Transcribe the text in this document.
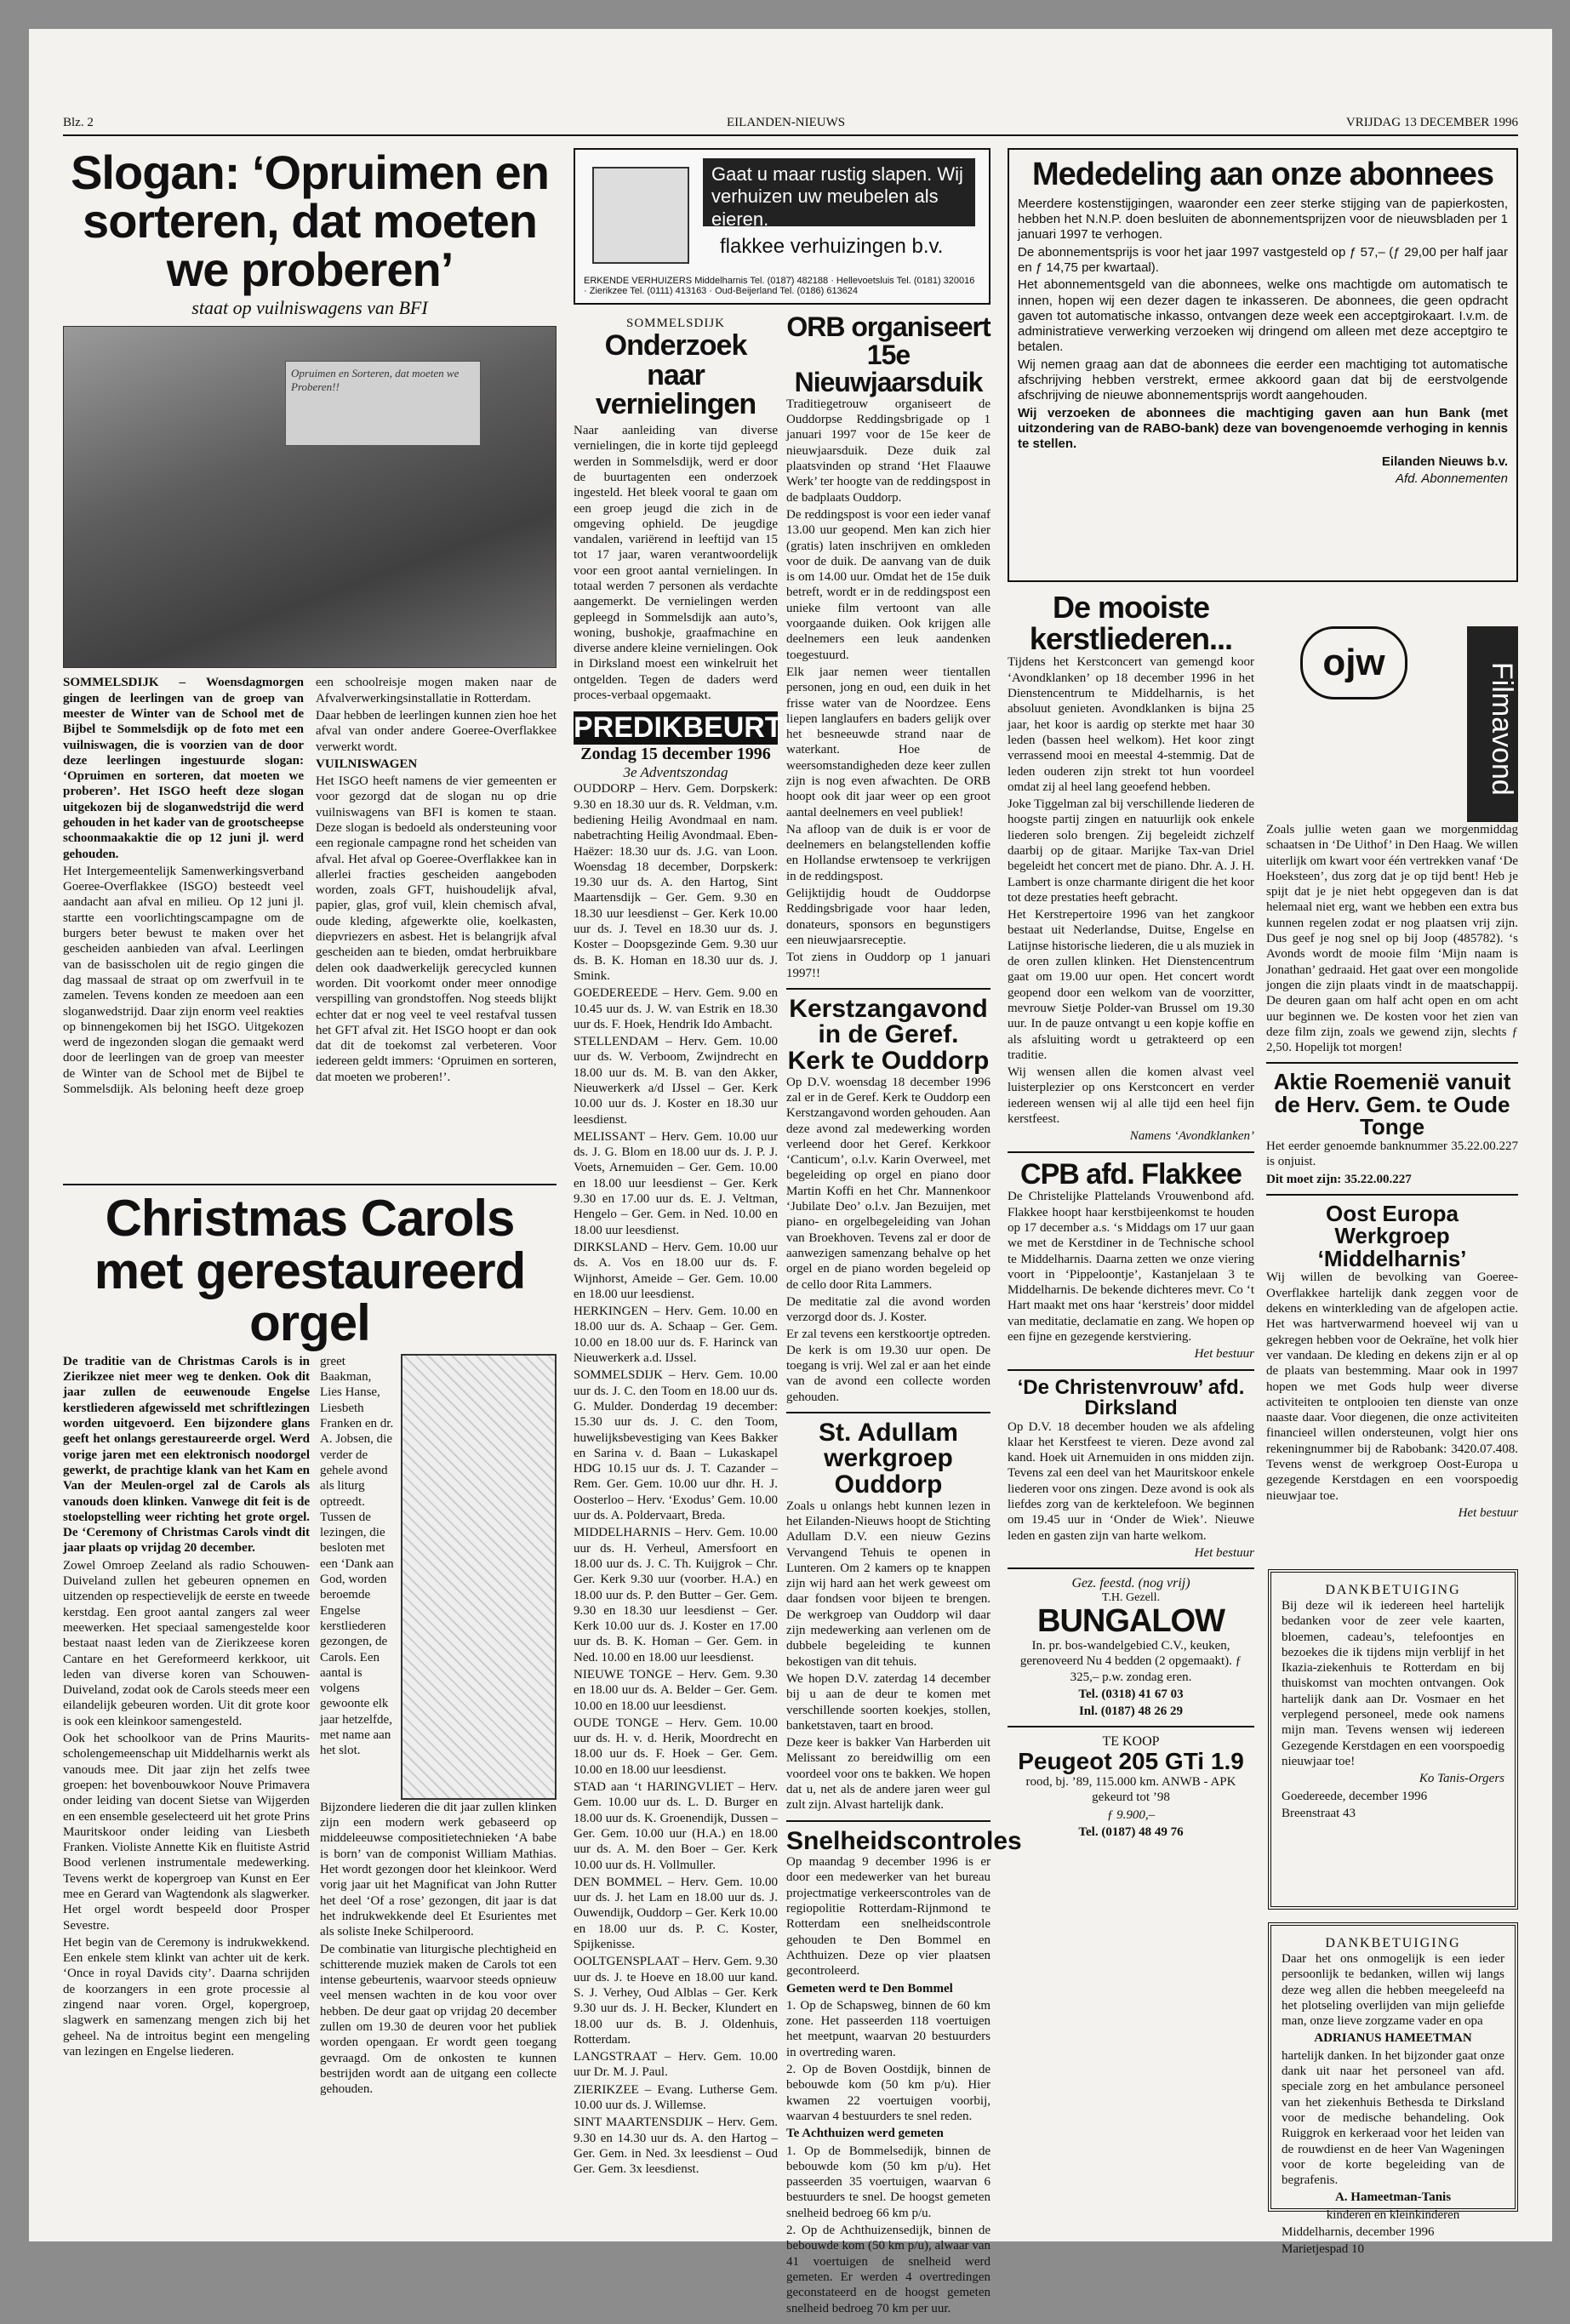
Blz. 2	EILANDEN-NIEUWS	VRIJDAG 13 DECEMBER 1996
Slogan: ‘Opruimen en sorteren, dat moeten we proberen’
staat op vuilniswagens van BFI
Opruimen en Sorteren, dat moeten we Proberen!!

SOMMELSDIJK – Woensdagmorgen gingen de leerlingen van de groep van meester de Winter van de School met de Bijbel te Sommelsdijk op de foto met een vuilniswagen, die is voorzien van de door deze leerlingen ingestuurde slogan: ‘Opruimen en sorteren, dat moeten we proberen’. Het ISGO heeft deze slogan uitgekozen bij de sloganwedstrijd die werd gehouden in het kader van de grootscheepse schoonmaakaktie die op 12 juni jl. werd gehouden.

Het Intergemeentelijk Samenwerkingsverband Goeree-Overflakkee (ISGO) besteedt veel aandacht aan afval en milieu. Op 12 juni jl. startte een voorlichtingscampagne om de burgers beter bewust te maken over het gescheiden aanbieden van afval. Leerlingen van de basisscholen uit de regio gingen die dag massaal de straat op om zwerfvuil in te zamelen. Tevens konden ze meedoen aan een sloganwedstrijd. Daar zijn enorm veel reakties op binnengekomen bij het ISGO. Uitgekozen werd de ingezonden slogan die gemaakt werd door de leerlingen van de groep van meester de Winter van de School met de Bijbel te Sommelsdijk. Als beloning heeft deze groep een schoolreisje mogen maken naar de Afvalverwerkingsinstallatie in Rotterdam.

Daar hebben de leerlingen kunnen zien hoe het afval van onder andere Goeree-Overflakkee verwerkt wordt.

VUILNISWAGEN

Het ISGO heeft namens de vier gemeenten er voor gezorgd dat de slogan nu op drie vuilniswagens van BFI is komen te staan. Deze slogan is bedoeld als ondersteuning voor een regionale campagne rond het scheiden van afval. Het afval op Goeree-Overflakkee kan in allerlei fracties gescheiden aangeboden worden, zoals GFT, huishoudelijk afval, papier, glas, grof vuil, klein chemisch afval, oude kleding, afgewerkte olie, koelkasten, diepvriezers en asbest. Het is belangrijk afval gescheiden aan te bieden, omdat herbruikbare delen ook daadwerkelijk gerecycled kunnen worden. Dit voorkomt onder meer onnodige verspilling van grondstoffen. Nog steeds blijkt echter dat er nog veel te veel restafval tussen het GFT afval zit. Het ISGO hoopt er dan ook dat dit de toekomst zal verbeteren. Voor iedereen geldt immers: ‘Opruimen en sorteren, dat moeten we proberen!’.

Christmas Carols met gerestaureerd orgel

De traditie van de Christmas Carols is in Zierikzee niet meer weg te denken. Ook dit jaar zullen de eeuwenoude Engelse kerstliederen afgewisseld met schriftlezingen worden uitgevoerd. Een bijzondere glans geeft het onlangs gerestaureerde orgel. Werd vorige jaren met een elektronisch noodorgel gewerkt, de prachtige klank van het Kam en Van der Meulen-orgel zal de Carols als vanouds doen klinken. Vanwege dit feit is de stoelopstelling weer richting het grote orgel. De ‘Ceremony of Christmas Carols vindt dit jaar plaats op vrijdag 20 december.

Zowel Omroep Zeeland als radio Schouwen-Duiveland zullen het gebeuren opnemen en uitzenden op respectievelijk de eerste en tweede kerstdag. Een groot aantal zangers zal weer meewerken. Het speciaal samengestelde koor bestaat naast leden van de Zierikzeese koren Cantare en het Gereformeerd kerkkoor, uit leden van diverse koren van Schouwen-Duiveland, zodat ook de Carols steeds meer een eilandelijk gebeuren worden. Uit dit grote koor is ook een kleinkoor samengesteld.

Ook het schoolkoor van de Prins Maurits-scholengemeenschap uit Middelharnis werkt als vanouds mee. Dit jaar zijn het zelfs twee groepen: het bovenbouwkoor Nouve Primavera onder leiding van docent Sietse van Wijgerden en een ensemble geselecteerd uit het grote Prins Mauritskoor onder leiding van Liesbeth Franken. Violiste Annette Kik en fluitiste Astrid Bood verlenen instrumentale medewerking. Tevens werkt de kopergroep van Kunst en Eer mee en Gerard van Wagtendonk als slagwerker. Het orgel wordt bespeeld door Prosper Sevestre.

Het begin van de Ceremony is indrukwekkend. Een enkele stem klinkt van achter uit de kerk. ‘Once in royal Davids city’. Daarna schrijden de koorzangers in een grote processie al zingend naar voren. Orgel, kopergroep, slagwerk en samenzang mengen zich bij het geheel. Na de introitus begint een mengeling van lezingen en Engelse liederen.

greet Baakman, Lies Hanse, Liesbeth Franken en dr. A. Jobsen, die verder de gehele avond als liturg optreedt. Tussen de lezingen, die besloten met een ‘Dank aan God, worden beroemde Engelse kerstliederen gezongen, de Carols. Een aantal is volgens gewoonte elk jaar hetzelfde, met name aan het slot.

Bijzondere liederen die dit jaar zullen klinken zijn een modern werk gebaseerd op middeleeuwse compositietechnieken ‘A babe is born’ van de componist William Mathias. Het wordt gezongen door het kleinkoor. Werd vorig jaar uit het Magnificat van John Rutter het deel ‘Of a rose’ gezongen, dit jaar is dat het indrukwekkende deel Et Esurientes met als soliste Ineke Schilperoord.

De combinatie van liturgische plechtigheid en schitterende muziek maken de Carols tot een intense gebeurtenis, waarvoor steeds opnieuw veel mensen wachten in de kou voor over hebben. De deur gaat op vrijdag 20 december zullen om 19.30 de deuren voor het publiek worden opengaan. Er wordt geen toegang gevraagd. Om de onkosten te kunnen bestrijden wordt aan de uitgang een collecte gehouden.

Gaat u maar rustig slapen. Wij verhuizen uw meubelen als eieren.
flakkee verhuizingen b.v.
ERKENDE VERHUIZERS Middelharnis Tel. (0187) 482188 · Hellevoetsluis Tel. (0181) 320016 · Zierikzee Tel. (0111) 413163 · Oud-Beijerland Tel. (0186) 613624
SOMMELSDIJK
Onderzoek naar vernielingen

Naar aanleiding van diverse vernielingen, die in korte tijd gepleegd werden in Sommelsdijk, werd er door de buurtagenten een onderzoek ingesteld. Het bleek vooral te gaan om een groep jeugd die zich in de omgeving ophield. De jeugdige vandalen, variërend in leeftijd van 15 tot 17 jaar, waren verantwoordelijk voor een groot aantal vernielingen. In totaal werden 7 personen als verdachte aangemerkt. De vernielingen werden gepleegd in Sommelsdijk aan auto’s, woning, bushokje, graafmachine en diverse andere kleine vernielingen. Ook in Dirksland moest een winkelruit het ontgelden. Tegen de daders werd proces-verbaal opgemaakt.

PREDIKBEURTEN
Zondag 15 december 1996
3e Adventszondag

OUDDORP – Herv. Gem. Dorpskerk: 9.30 en 18.30 uur ds. R. Veldman, v.m. bediening Heilig Avondmaal en nam. nabetrachting Heilig Avondmaal. Eben-Haëzer: 18.30 uur ds. J.G. van Loon. Woensdag 18 december, Dorpskerk: 19.30 uur ds. A. den Hartog, Sint Maartensdijk – Ger. Gem. 9.30 en 18.30 uur leesdienst – Ger. Kerk 10.00 uur ds. J. Tevel en 18.30 uur ds. J. Koster – Doopsgezinde Gem. 9.30 uur ds. B. K. Homan en 18.30 uur ds. J. Smink.

GOEDEREEDE – Herv. Gem. 9.00 en 10.45 uur ds. J. W. van Estrik en 18.30 uur ds. F. Hoek, Hendrik Ido Ambacht.

STELLENDAM – Herv. Gem. 10.00 uur ds. W. Verboom, Zwijndrecht en 18.00 uur ds. M. B. van den Akker, Nieuwerkerk a/d IJssel – Ger. Kerk 10.00 uur ds. J. Koster en 18.30 uur leesdienst.

MELISSANT – Herv. Gem. 10.00 uur ds. J. G. Blom en 18.00 uur ds. J. P. J. Voets, Arnemuiden – Ger. Gem. 10.00 en 18.00 uur leesdienst – Ger. Kerk 9.30 en 17.00 uur ds. E. J. Veltman, Hengelo – Ger. Gem. in Ned. 10.00 en 18.00 uur leesdienst.

DIRKSLAND – Herv. Gem. 10.00 uur ds. A. Vos en 18.00 uur ds. F. Wijnhorst, Ameide – Ger. Gem. 10.00 en 18.00 uur leesdienst.

HERKINGEN – Herv. Gem. 10.00 en 18.00 uur ds. A. Schaap – Ger. Gem. 10.00 en 18.00 uur ds. F. Harinck van Nieuwerkerk a.d. IJssel.

SOMMELSDIJK – Herv. Gem. 10.00 uur ds. J. C. den Toom en 18.00 uur ds. G. Mulder. Donderdag 19 december: 15.30 uur ds. J. C. den Toom, huwelijksbevestiging van Kees Bakker en Sarina v. d. Baan – Lukaskapel HDG 10.15 uur ds. J. T. Cazander – Rem. Ger. Gem. 10.00 uur dhr. H. J. Oosterloo – Herv. ‘Exodus’ Gem. 10.00 uur ds. A. Poldervaart, Breda.

MIDDELHARNIS – Herv. Gem. 10.00 uur ds. H. Verheul, Amersfoort en 18.00 uur ds. J. C. Th. Kuijgrok – Chr. Ger. Kerk 9.30 uur (voorber. H.A.) en 18.00 uur ds. P. den Butter – Ger. Gem. 9.30 en 18.30 uur leesdienst – Ger. Kerk 10.00 uur ds. J. Koster en 17.00 uur ds. B. K. Homan – Ger. Gem. in Ned. 10.00 en 18.00 uur leesdienst.

NIEUWE TONGE – Herv. Gem. 9.30 en 18.00 uur ds. A. Belder – Ger. Gem. 10.00 en 18.00 uur leesdienst.

OUDE TONGE – Herv. Gem. 10.00 uur ds. H. v. d. Herik, Moordrecht en 18.00 uur ds. F. Hoek – Ger. Gem. 10.00 en 18.00 uur leesdienst.

STAD aan ‘t HARINGVLIET – Herv. Gem. 10.00 uur ds. L. D. Burger en 18.00 uur ds. K. Groenendijk, Dussen – Ger. Gem. 10.00 uur (H.A.) en 18.00 uur ds. A. M. den Boer – Ger. Kerk 10.00 uur ds. H. Vollmuller.

DEN BOMMEL – Herv. Gem. 10.00 uur ds. J. het Lam en 18.00 uur ds. J. Ouwendijk, Ouddorp – Ger. Kerk 10.00 en 18.00 uur ds. P. C. Koster, Spijkenisse.

OOLTGENSPLAAT – Herv. Gem. 9.30 uur ds. J. te Hoeve en 18.00 uur kand. S. J. Verhey, Oud Alblas – Ger. Kerk 9.30 uur ds. J. H. Becker, Klundert en 18.00 uur ds. B. J. Oldenhuis, Rotterdam.

LANGSTRAAT – Herv. Gem. 10.00 uur Dr. M. J. Paul.

ZIERIKZEE – Evang. Lutherse Gem. 10.00 uur ds. J. Willemse.

SINT MAARTENSDIJK – Herv. Gem. 9.30 en 14.30 uur ds. A. den Hartog – Ger. Gem. in Ned. 3x leesdienst – Oud Ger. Gem. 3x leesdienst.

ORB organiseert 15e Nieuwjaarsduik

Traditiegetrouw organiseert de Ouddorpse Reddingsbrigade op 1 januari 1997 voor de 15e keer de nieuwjaarsduik. Deze duik zal plaatsvinden op strand ‘Het Flaauwe Werk’ ter hoogte van de reddingspost in de badplaats Ouddorp.

De reddingspost is voor een ieder vanaf 13.00 uur geopend. Men kan zich hier (gratis) laten inschrijven en omkleden voor de duik. De aanvang van de duik is om 14.00 uur. Omdat het de 15e duik betreft, wordt er in de reddingspost een unieke film vertoont van alle voorgaande duiken. Ook krijgen alle deelnemers een leuk aandenken toegestuurd.

Elk jaar nemen weer tientallen personen, jong en oud, een duik in het frisse water van de Noordzee. Eens liepen langlaufers en baders gelijk over het besneeuwde strand naar de waterkant. Hoe de weersomstandigheden deze keer zullen zijn is nog even afwachten. De ORB hoopt ook dit jaar weer op een groot aantal deelnemers en veel publiek!

Na afloop van de duik is er voor de deelnemers en belangstellenden koffie en Hollandse erwtensoep te verkrijgen in de reddingspost.

Gelijktijdig houdt de Ouddorpse Reddingsbrigade voor haar leden, donateurs, sponsors en begunstigers een nieuwjaarsreceptie.

Tot ziens in Ouddorp op 1 januari 1997!!

Kerstzangavond in de Geref. Kerk te Ouddorp

Op D.V. woensdag 18 december 1996 zal er in de Geref. Kerk te Ouddorp een Kerstzangavond worden gehouden. Aan deze avond zal medewerking worden verleend door het Geref. Kerkkoor ‘Canticum’, o.l.v. Karin Overweel, met begeleiding op orgel en piano door Martin Koffi en het Chr. Mannenkoor ‘Jubilate Deo’ o.l.v. Jan Bezuijen, met piano- en orgelbegeleiding van Johan van Broekhoven. Tevens zal er door de aanwezigen samenzang behalve op het orgel en de piano worden begeleid op de cello door Rita Lammers.

De meditatie zal die avond worden verzorgd door ds. J. Koster.

Er zal tevens een kerstkoortje optreden. De kerk is om 19.30 uur open. De toegang is vrij. Wel zal er aan het einde van de avond een collecte worden gehouden.

St. Adullam werkgroep Ouddorp

Zoals u onlangs hebt kunnen lezen in het Eilanden-Nieuws hoopt de Stichting Adullam D.V. een nieuw Gezins Vervangend Tehuis te openen in Lunteren. Om 2 kamers op te knappen zijn wij hard aan het werk geweest om daar fondsen voor bijeen te brengen. De werkgroep van Ouddorp wil daar zijn medewerking aan verlenen om de dubbele begeleiding te kunnen bekostigen van dit tehuis.

We hopen D.V. zaterdag 14 december bij u aan de deur te komen met verschillende soorten koekjes, stollen, banketstaven, taart en brood.

Deze keer is bakker Van Harberden uit Melissant zo bereidwillig om een voordeel voor ons te bakken. We hopen dat u, net als de andere jaren weer gul zult zijn. Alvast hartelijk dank.

Snelheidscontroles

Op maandag 9 december 1996 is er door een medewerker van het bureau projectmatige verkeerscontroles van de regiopolitie Rotterdam-Rijnmond te Rotterdam een snelheidscontrole gehouden te Den Bommel en Achthuizen. Deze op vier plaatsen gecontroleerd.

Gemeten werd te Den Bommel

1. Op de Schapsweg, binnen de 60 km zone. Het passeerden 118 voertuigen het meetpunt, waarvan 20 bestuurders in overtreding waren.

2. Op de Boven Oostdijk, binnen de bebouwde kom (50 km p/u). Hier kwamen 22 voertuigen voorbij, waarvan 4 bestuurders te snel reden.

Te Achthuizen werd gemeten

1. Op de Bommelsedijk, binnen de bebouwde kom (50 km p/u). Het passeerden 35 voertuigen, waarvan 6 bestuurders te snel. De hoogst gemeten snelheid bedroeg 66 km p/u.

2. Op de Achthuizensedijk, binnen de bebouwde kom (50 km p/u), alwaar van 41 voertuigen de snelheid werd gemeten. Er werden 4 overtredingen geconstateerd en de hoogst gemeten snelheid bedroeg 70 km per uur.

Mededeling aan onze abonnees

Meerdere kostenstijgingen, waaronder een zeer sterke stijging van de papierkosten, hebben het N.N.P. doen besluiten de abonnementsprijzen voor de nieuwsbladen per 1 januari 1997 te verhogen.

De abonnementsprijs is voor het jaar 1997 vastgesteld op ƒ 57,– (ƒ 29,00 per half jaar en ƒ 14,75 per kwartaal).

Het abonnementsgeld van die abonnees, welke ons machtigde om automatisch te innen, hopen wij een dezer dagen te inkasseren. De abonnees, die geen opdracht gaven tot automatische inkasso, ontvangen deze week een acceptgirokaart. I.v.m. de administratieve verwerking verzoeken wij dringend om alleen met deze acceptgiro te betalen.

Wij nemen graag aan dat de abonnees die eerder een machtiging tot automatische afschrijving hebben verstrekt, ermee akkoord gaan dat bij de eerstvolgende afschrijving de nieuwe abonnementsprijs wordt aangehouden.

Wij verzoeken de abonnees die machtiging gaven aan hun Bank (met uitzondering van de RABO-bank) deze van bovengenoemde verhoging in kennis te stellen.

Eilanden Nieuws b.v.

Afd. Abonnementen

De mooiste kerstliederen...

Tijdens het Kerstconcert van gemengd koor ‘Avondklanken’ op 18 december 1996 in het Dienstencentrum te Middelharnis, is het absoluut genieten. Avondklanken is bijna 25 jaar, het koor is aardig op sterkte met haar 30 leden (bassen heel welkom). Het koor zingt verrassend mooi en meestal 4-stemmig. Dat de leden ouderen zijn strekt tot hun voordeel omdat zij al heel lang geoefend hebben.

Joke Tiggelman zal bij verschillende liederen de hoogste partij zingen en natuurlijk ook enkele liederen solo brengen. Zij begeleidt zichzelf daarbij op de gitaar. Marijke Tax-van Driel begeleidt het concert met de piano. Dhr. A. J. H. Lambert is onze charmante dirigent die het koor tot deze prestaties heeft gebracht.

Het Kerstrepertoire 1996 van het zangkoor bestaat uit Nederlandse, Duitse, Engelse en Latijnse historische liederen, die u als muziek in de oren zullen klinken. Het Dienstencentrum gaat om 19.00 uur open. Het concert wordt geopend door een welkom van de voorzitter, mevrouw Sietje Polder-van Brussel om 19.30 uur. In de pauze ontvangt u een kopje koffie en als afsluiting wordt u getrakteerd op een traditie.

Wij wensen allen die komen alvast veel luisterplezier op ons Kerstconcert en verder iedereen wensen wij al alle tijd een heel fijn kerstfeest.

Namens ‘Avondklanken’

CPB afd. Flakkee

De Christelijke Plattelands Vrouwenbond afd. Flakkee hoopt haar kerstbijeenkomst te houden op 17 december a.s. ‘s Middags om 17 uur gaan we met de Kerstdiner in de Technische school te Middelharnis. Daarna zetten we onze viering voort in ‘Pippeloontje’, Kastanjelaan 3 te Middelharnis. De bekende dichteres mevr. Co ‘t Hart maakt met ons haar ‘kerstreis’ door middel van meditatie, declamatie en zang. We hopen op een fijne en gezegende kerstviering.

Het bestuur

‘De Christenvrouw’ afd. Dirksland

Op D.V. 18 december houden we als afdeling klaar het Kerstfeest te vieren. Deze avond zal kand. Hoek uit Arnemuiden in ons midden zijn. Tevens zal een deel van het Mauritskoor enkele liederen voor ons zingen. Deze avond is ook als liefdes zorg van de kerktelefoon. We beginnen om 19.45 uur in ‘Onder de Wiek’. Nieuwe leden en gasten zijn van harte welkom.

Het bestuur

Gez. feestd. (nog vrij)
T.H. Gezell.
BUNGALOW

In. pr. bos-wandelgebied C.V., keuken, gerenoveerd Nu 4 bedden (2 opgemaakt). ƒ 325,– p.w. zondag eren.

Tel. (0318) 41 67 03

Inl. (0187) 48 26 29

TE KOOP
Peugeot 205 GTi 1.9

rood, bj. ’89, 115.000 km. ANWB - APK gekeurd tot ’98

ƒ 9.900,–

Tel. (0187) 48 49 76

ojw	Filmavond

Zoals jullie weten gaan we morgenmiddag schaatsen in ‘De Uithof’ in Den Haag. We willen uiterlijk om kwart voor één vertrekken vanaf ‘De Hoeksteen’, dus zorg dat je op tijd bent! Heb je spijt dat je je niet hebt opgegeven dan is dat helemaal niet erg, want we hebben een extra bus kunnen regelen zodat er nog plaatsen vrij zijn. Dus geef je nog snel op bij Joop (485782). ‘s Avonds wordt de mooie film ‘Mijn naam is Jonathan’ gedraaid. Het gaat over een mongolide jongen die zijn plaats vindt in de maatschappij. De deuren gaan om half acht open en om acht uur beginnen we. De kosten voor het zien van deze film zijn, zoals we gewend zijn, slechts ƒ 2,50. Hopelijk tot morgen!

Aktie Roemenië vanuit de Herv. Gem. te Oude Tonge

Het eerder genoemde banknummer 35.22.00.227 is onjuist.

Dit moet zijn: 35.22.00.227

Oost Europa Werkgroep ‘Middelharnis’

Wij willen de bevolking van Goeree-Overflakkee hartelijk dank zeggen voor de dekens en winterkleding van de afgelopen actie. Het was hartverwarmend hoeveel wij van u gekregen hebben voor de Oekraïne, het volk hier ver vandaan. De kleding en dekens zijn er al op de plaats van bestemming. Maar ook in 1997 hopen we met Gods hulp weer diverse activiteiten te ontplooien ten dienste van onze naaste daar. Voor diegenen, die onze activiteiten financieel willen ondersteunen, volgt hier ons rekeningnummer bij de Rabobank: 3420.07.408. Tevens wenst de werkgroep Oost-Europa u gezegende Kerstdagen en een voorspoedig nieuwjaar toe.

Het bestuur

DANKBETUIGING

Bij deze wil ik iedereen heel hartelijk bedanken voor de zeer vele kaarten, bloemen, cadeau’s, telefoontjes en bezoekes die ik tijdens mijn verblijf in het Ikazia-ziekenhuis te Rotterdam en bij thuiskomst van mochten ontvangen. Ook hartelijk dank aan Dr. Vosmaer en het verplegend personeel, mede ook namens mijn man. Tevens wensen wij iedereen Gezegende Kerstdagen en een voorspoedig nieuwjaar toe!

Ko Tanis-Orgers

Goedereede, december 1996

Breenstraat 43

DANKBETUIGING

Daar het ons onmogelijk is een ieder persoonlijk te bedanken, willen wij langs deze weg allen die hebben meegeleefd na het plotseling overlijden van mijn geliefde man, onze lieve zorgzame vader en opa

ADRIANUS HAMEETMAN

hartelijk danken. In het bijzonder gaat onze dank uit naar het personeel van afd. speciale zorg en het ambulance personeel van het ziekenhuis Bethesda te Dirksland voor de medische behandeling. Ook Ruiggrok en kerkeraad voor het leiden van de rouwdienst en de heer Van Wageningen voor de korte begeleiding van de begrafenis.

A. Hameetman-Tanis

kinderen en kleinkinderen

Middelharnis, december 1996

Marietjespad 10
